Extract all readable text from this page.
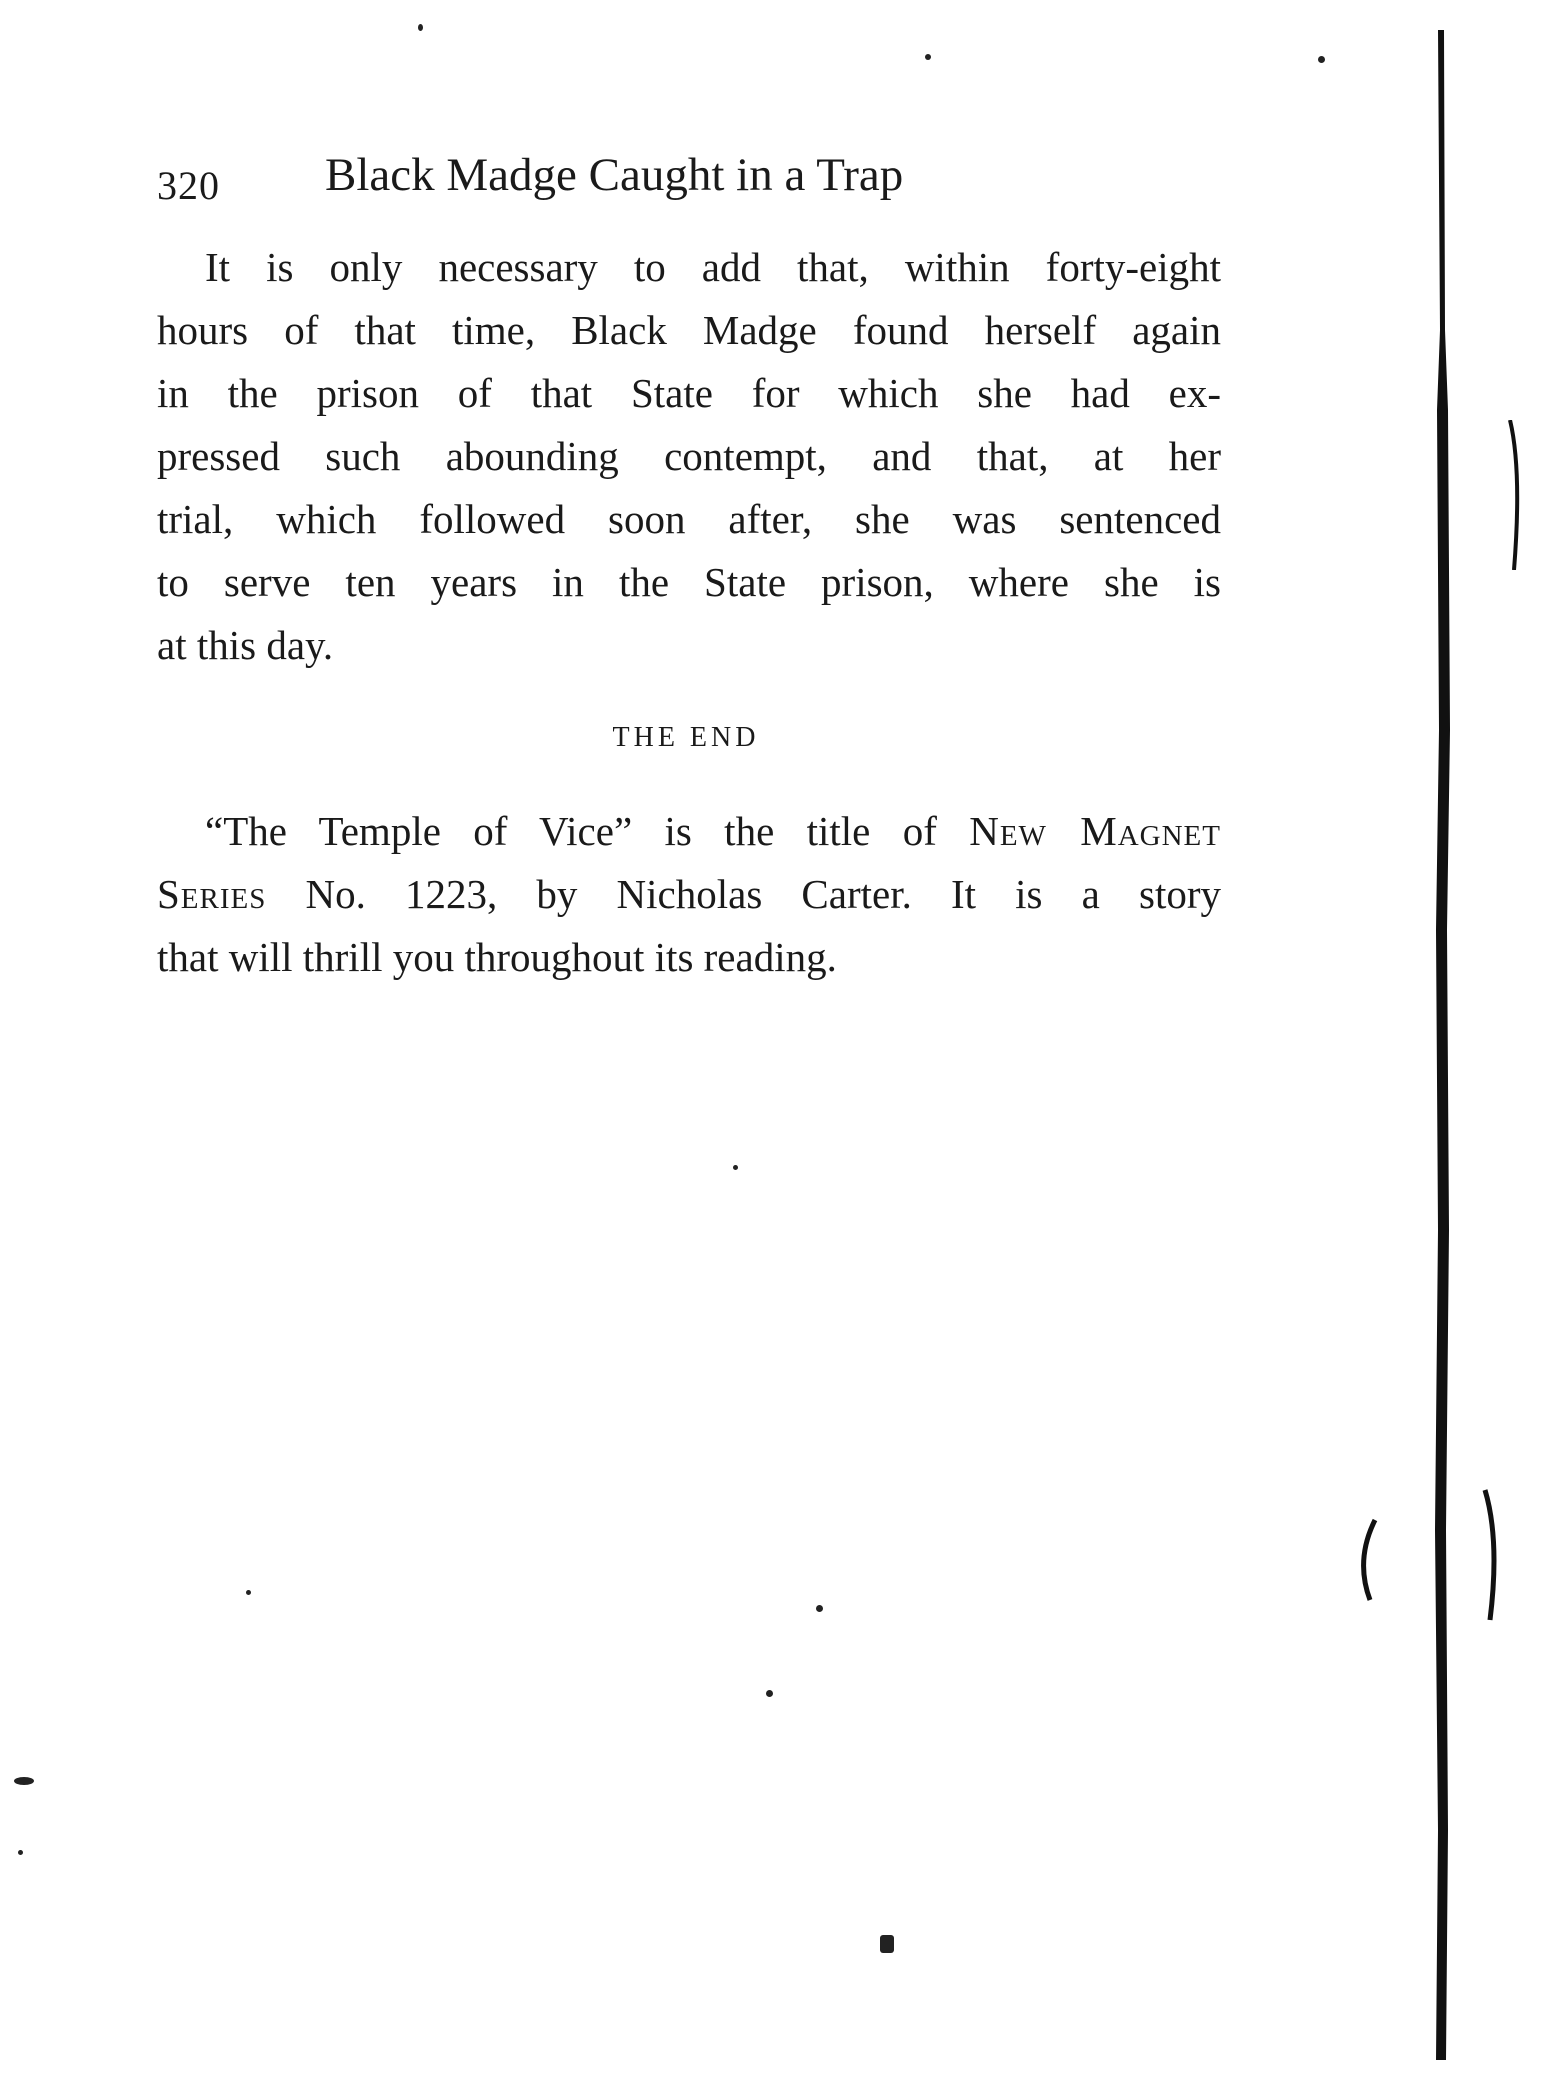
320 Black Madge Caught in a Trap
It is only necessary to add that, within forty-eight
hours of that time, Black Madge found herself again
in the prison of that State for which she had ex-
pressed such abounding contempt, and that, at her
trial, which followed soon after, she was sentenced
to serve ten years in the State prison, where she is
at this day.
THE END
“The Temple of Vice” is the title of New Magnet
Series No. 1223, by Nicholas Carter. It is a story
that will thrill you throughout its reading.
